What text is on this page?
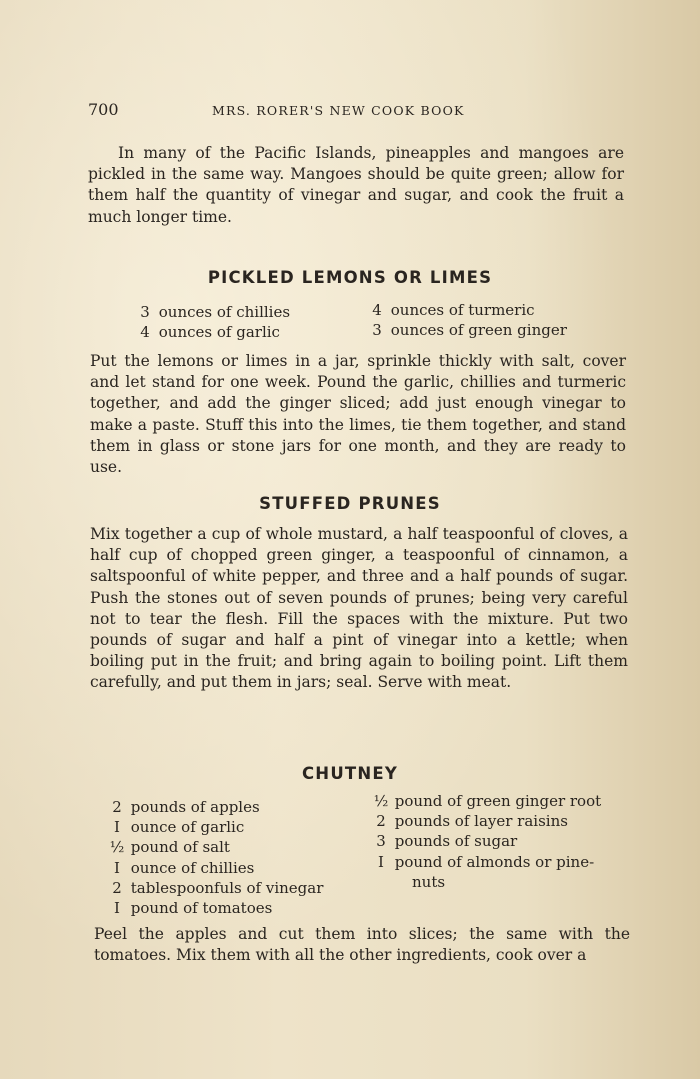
700	MRS. RORER'S NEW COOK BOOK

In many of the Pacific Islands, pineapples and mangoes are pickled in the same way. Mangoes should be quite green; allow for them half the quantity of vinegar and sugar, and cook the fruit a much longer time.

PICKLED LEMONS OR LIMES
3 ounces of chillies
4 ounces of garlic
4 ounces of turmeric
3 ounces of green ginger

Put the lemons or limes in a jar, sprinkle thickly with salt, cover and let stand for one week. Pound the garlic, chillies and turmeric together, and add the ginger sliced; add just enough vinegar to make a paste. Stuff this into the limes, tie them together, and stand them in glass or stone jars for one month, and they are ready to use.

STUFFED PRUNES

Mix together a cup of whole mustard, a half teaspoonful of cloves, a half cup of chopped green ginger, a teaspoonful of cinnamon, a saltspoonful of white pepper, and three and a half pounds of sugar. Push the stones out of seven pounds of prunes; being very careful not to tear the flesh. Fill the spaces with the mixture. Put two pounds of sugar and half a pint of vinegar into a kettle; when boiling put in the fruit; and bring again to boiling point. Lift them carefully, and put them in jars; seal. Serve with meat.

CHUTNEY
2 pounds of apples
I ounce of garlic
½ pound of salt
I ounce of chillies
2 tablespoonfuls of vinegar
I pound of tomatoes
½ pound of green ginger root
2 pounds of layer raisins
3 pounds of sugar
I pound of almonds or pine-
nuts

Peel the apples and cut them into slices; the same with the tomatoes. Mix them with all the other ingredients, cook over a
